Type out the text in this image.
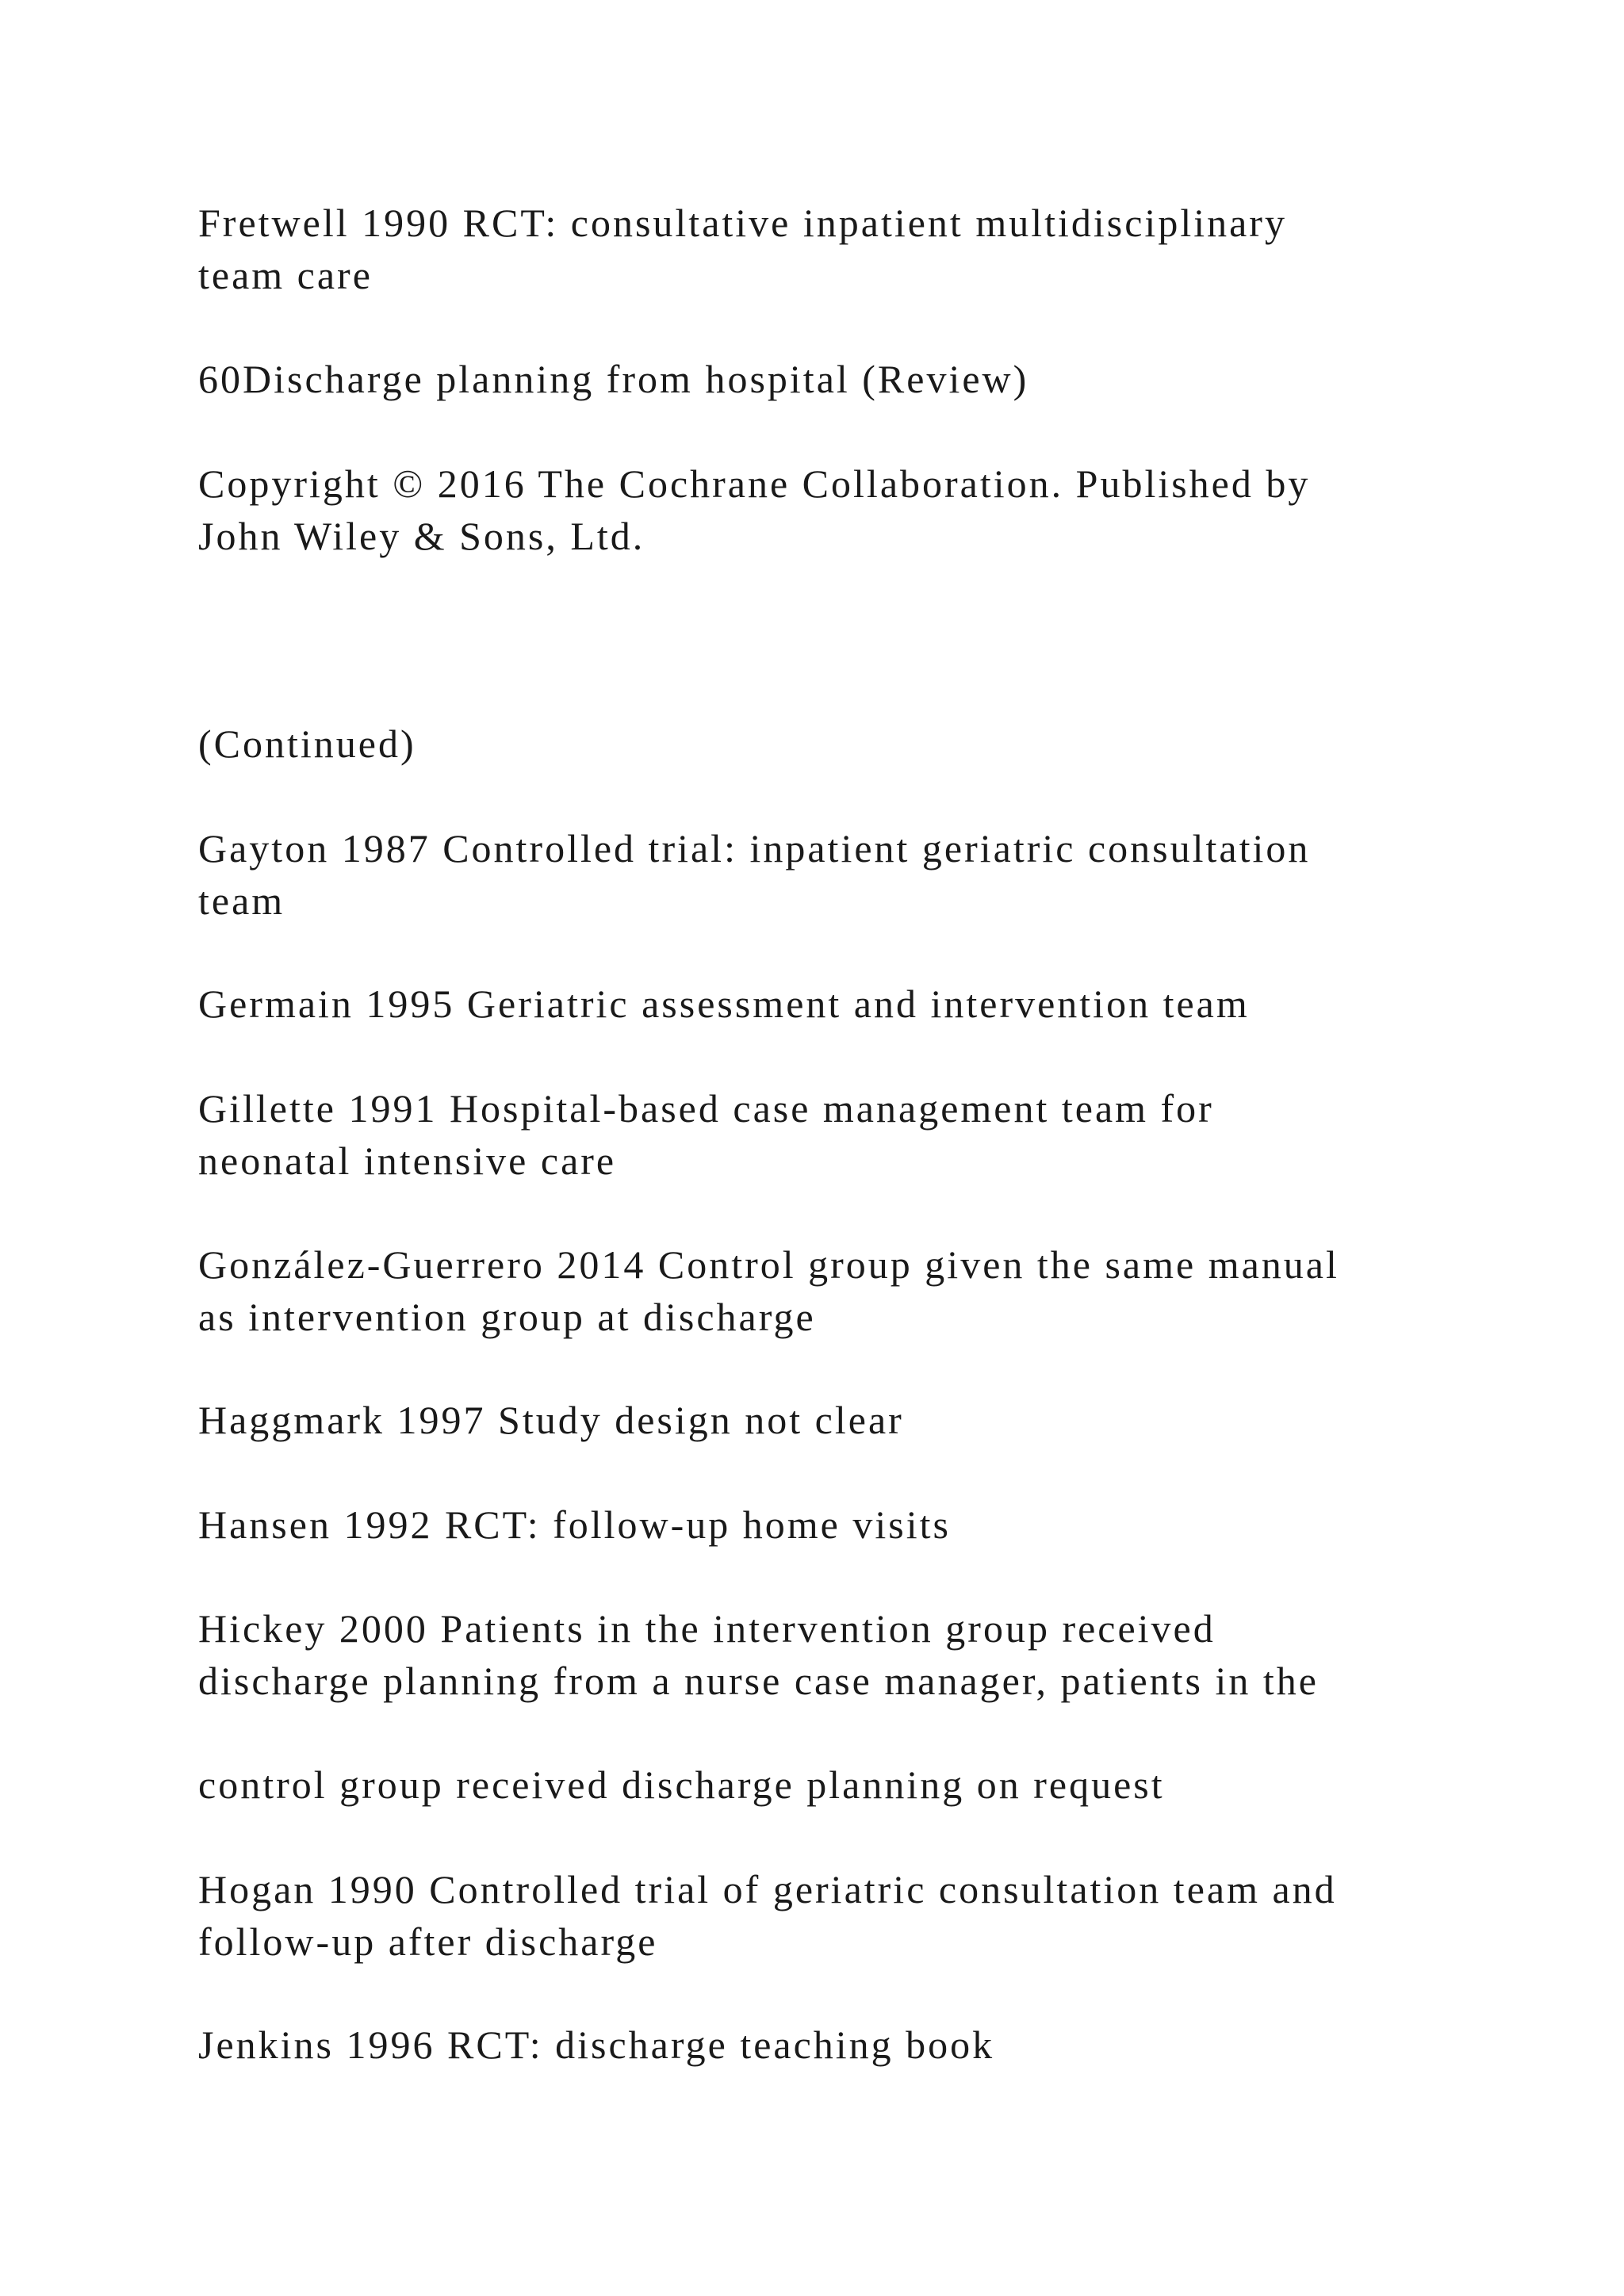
Fretwell 1990 RCT: consultative inpatient multidisciplinary
team care
60Discharge planning from hospital (Review)
Copyright © 2016 The Cochrane Collaboration. Published by
John Wiley & Sons, Ltd.
(Continued)
Gayton 1987 Controlled trial: inpatient geriatric consultation
team
Germain 1995 Geriatric assessment and intervention team
Gillette 1991 Hospital-based case management team for
neonatal intensive care
González-Guerrero 2014 Control group given the same manual
as intervention group at discharge
Haggmark 1997 Study design not clear
Hansen 1992 RCT: follow-up home visits
Hickey 2000 Patients in the intervention group received
discharge planning from a nurse case manager, patients in the
control group received discharge planning on request
Hogan 1990 Controlled trial of geriatric consultation team and
follow-up after discharge
Jenkins 1996 RCT: discharge teaching book
